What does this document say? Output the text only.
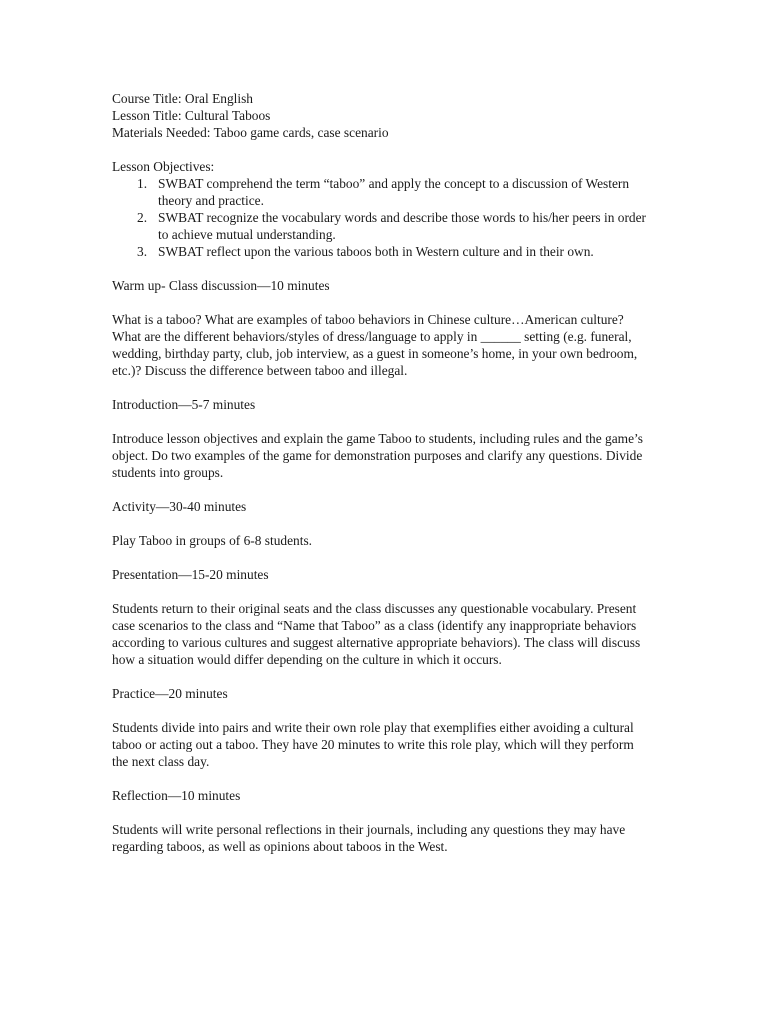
Course Title: Oral English

Lesson Title: Cultural Taboos

Materials Needed: Taboo game cards, case scenario

Lesson Objectives:

1. SWBAT comprehend the term “taboo” and apply the concept to a discussion of Western theory and practice.
2. SWBAT recognize the vocabulary words and describe those words to his/her peers in order to achieve mutual understanding.
3. SWBAT reflect upon the various taboos both in Western culture and in their own.

Warm up- Class discussion—10 minutes

What is a taboo? What are examples of taboo behaviors in Chinese culture…American culture? What are the different behaviors/styles of dress/language to apply in ______ setting (e.g. funeral, wedding, birthday party, club, job interview, as a guest in someone’s home, in your own bedroom, etc.)? Discuss the difference between taboo and illegal.

Introduction—5-7 minutes

Introduce lesson objectives and explain the game Taboo to students, including rules and the game’s object. Do two examples of the game for demonstration purposes and clarify any questions. Divide students into groups.

Activity—30-40 minutes

Play Taboo in groups of 6-8 students.

Presentation—15-20 minutes

Students return to their original seats and the class discusses any questionable vocabulary. Present case scenarios to the class and “Name that Taboo” as a class (identify any inappropriate behaviors according to various cultures and suggest alternative appropriate behaviors). The class will discuss how a situation would differ depending on the culture in which it occurs.

Practice—20 minutes

Students divide into pairs and write their own role play that exemplifies either avoiding a cultural taboo or acting out a taboo. They have 20 minutes to write this role play, which will they perform the next class day.

Reflection—10 minutes

Students will write personal reflections in their journals, including any questions they may have regarding taboos, as well as opinions about taboos in the West.
